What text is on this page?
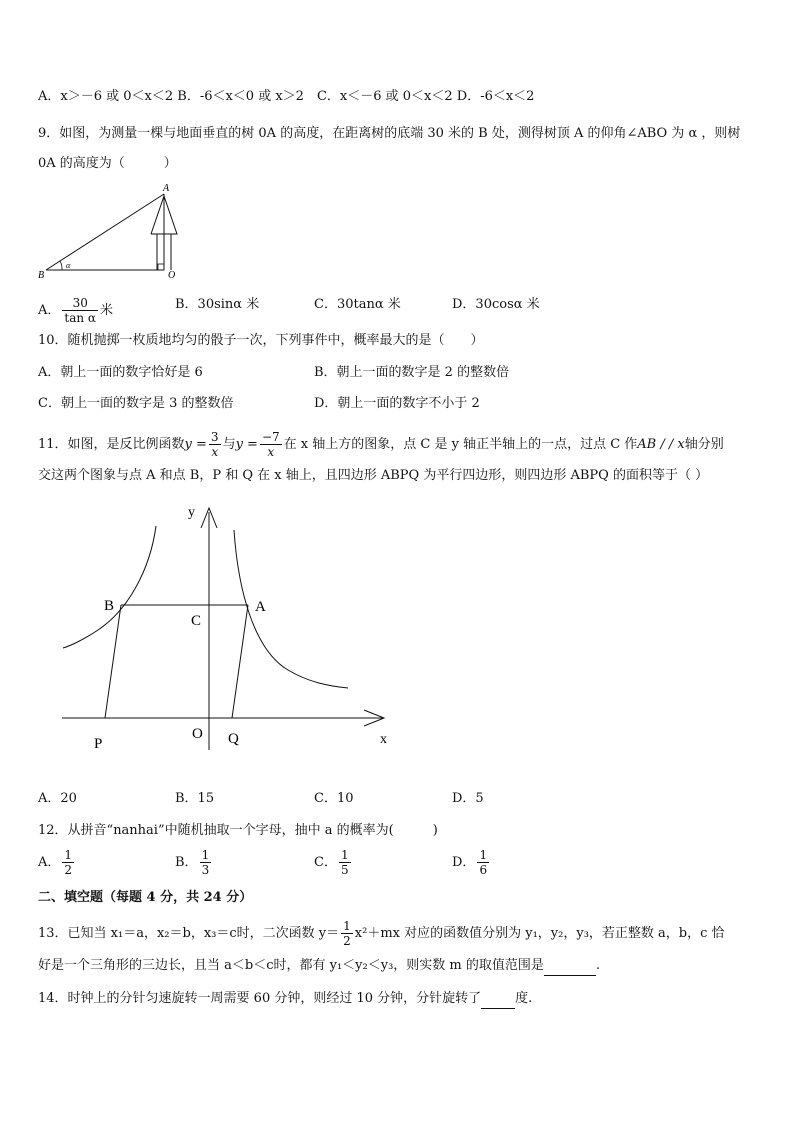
A．x＞－6 或 0＜x＜2 B．-6＜x＜0 或 x＞2　C．x＜－6 或 0＜x＜2 D．-6＜x＜2
9．如图，为测量一棵与地面垂直的树 0A 的高度，在距离树的底端 30 米的 B 处，测得树顶 A 的仰角∠ABO 为 α ，则树
0A 的高度为（　　　）
A
B	O
α
A． $\frac{30}{\text{tan α}}$ 米	B．30sinα 米	C．30tanα 米	D．30cosα 米
10．随机抛掷一枚质地均匀的骰子一次，下列事件中，概率最大的是（　　）
A．朝上一面的数字恰好是 6	B．朝上一面的数字是 2 的整数倍
C．朝上一面的数字是 3 的整数倍	D．朝上一面的数字不小于 2
11．如图，是反比例函数$y = \frac{3}{x}$ 与$y = \frac{-7}{x}$ 在 x 轴上方的图象，点 C 是 y 轴正半轴上的一点，过点 C 作AB / / x轴分别
交这两个图象与点 A 和点 B，P 和 Q 在 x 轴上，且四边形 ABPQ 为平行四边形，则四边形 ABPQ 的面积等于（ ）
y
x
B	A
C
O
P	Q
A．20	B．15	C．10	D．5
12．从拼音“nanhai”中随机抽取一个字母，抽中 a 的概率为(　　　)
A． $\frac{1}{2}$	B． $\frac{1}{3}$	C． $\frac{1}{5}$	D． $\frac{1}{6}$
二、填空题（每题 4 分，共 24 分）
13．已知当 x₁＝a，x₂＝b，x₃＝c时，二次函数 $y= \frac{1}{2} x^2+mx$ 对应的函数值分别为 y₁，y₂，y₃，若正整数 a，b，c 恰
好是一个三角形的三边长，且当 a＜b＜c时，都有 y₁＜y₂＜y₃，则实数 m 的取值范围是	.
14．时钟上的分针匀速旋转一周需要 60 分钟，则经过 10 分钟，分针旋转了	度.
